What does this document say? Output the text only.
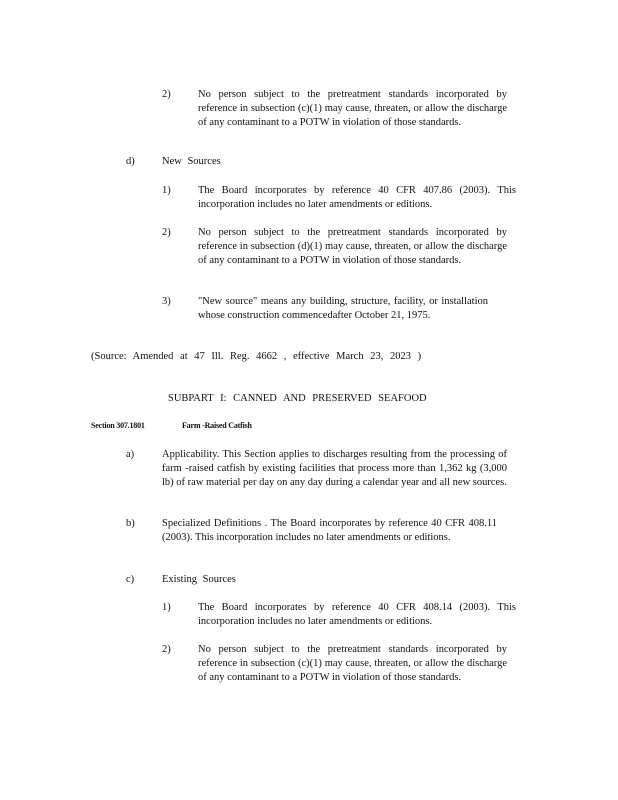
2)	No person subject to the pretreatment standards incorporated by reference in subsection (c)(1) may cause, threaten, or allow the discharge of any contaminant to a POTW in violation of those standards.
d)	New Sources
1)	The Board incorporates by reference 40 CFR 407.86 (2003). This incorporation includes no later amendments or editions.
2)	No person subject to the pretreatment standards incorporated by reference in subsection (d)(1) may cause, threaten, or allow the discharge of any contaminant to a POTW in violation of those standards.
3)	"New source" means any building, structure, facility, or installation whose construction commencedafter October 21, 1975.
(Source: Amended at 47 Ill. Reg. 4662 , effective March 23, 2023 )
SUBPART I: CANNED AND PRESERVED SEAFOOD
Section 307.1801	Farm -Raised Catfish
a)	Applicability. This Section applies to discharges resulting from the processing of farm -raised catfish by existing facilities that process more than 1,362 kg (3,000 lb) of raw material per day on any day during a calendar year and all new sources.
b)	Specialized Definitions . The Board incorporates by reference 40 CFR 408.11 (2003). This incorporation includes no later amendments or editions.
c)	Existing Sources
1)	The Board incorporates by reference 40 CFR 408.14 (2003). This incorporation includes no later amendments or editions.
2)	No person subject to the pretreatment standards incorporated by reference in subsection (c)(1) may cause, threaten, or allow the discharge of any contaminant to a POTW in violation of those standards.
